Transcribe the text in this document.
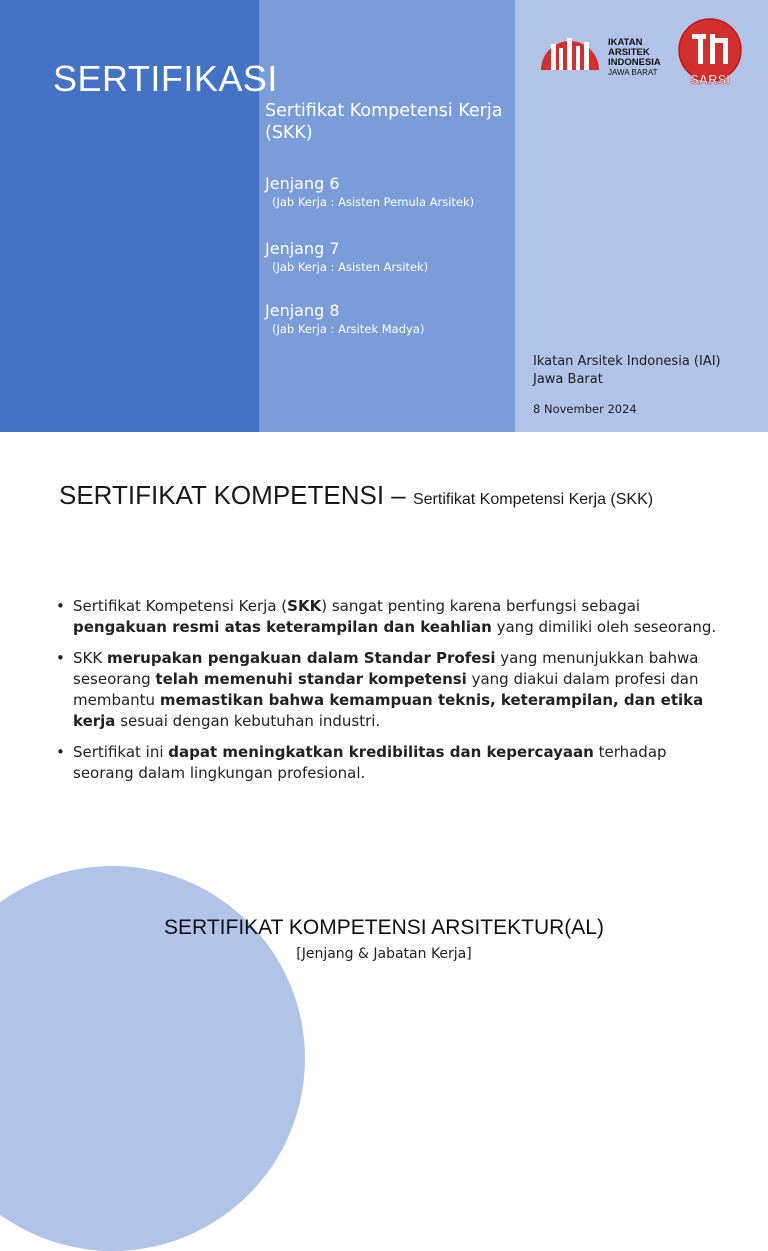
SERTIFIKASI
Sertifikat Kompetensi Kerja (SKK)
Jenjang 6
(Jab Kerja : Asisten Pemula Arsitek)
Jenjang 7
(Jab Kerja : Asisten Arsitek)
Jenjang 8
(Jab Kerja : Arsitek Madya)
IKATAN
ARSITEK
INDONESIA
JAWA BARAT	SARSI
Ikatan Arsitek Indonesia (IAI)
Jawa Barat
8 November 2024
SERTIFIKAT KOMPETENSI – Sertifikat Kompetensi Kerja (SKK)
• Sertifikat Kompetensi Kerja (SKK) sangat penting karena berfungsi sebagai pengakuan resmi atas keterampilan dan keahlian yang dimiliki oleh seseorang.
• SKK merupakan pengakuan dalam Standar Profesi yang menunjukkan bahwa seseorang telah memenuhi standar kompetensi yang diakui dalam profesi dan membantu memastikan bahwa kemampuan teknis, keterampilan, dan etika kerja sesuai dengan kebutuhan industri.
• Sertifikat ini dapat meningkatkan kredibilitas dan kepercayaan terhadap seorang dalam lingkungan profesional.
SERTIFIKAT KOMPETENSI ARSITEKTUR(AL)
[Jenjang & Jabatan Kerja]
